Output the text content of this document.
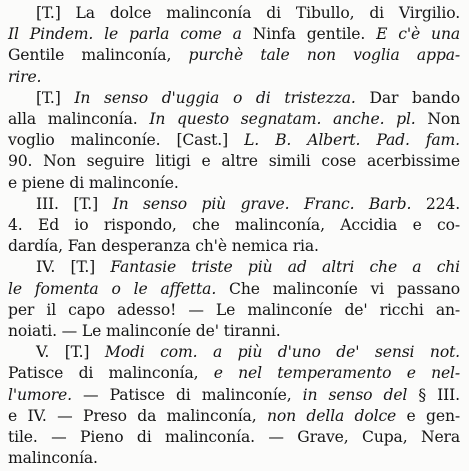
[T.] La dolce malinconía di Tibullo, di Virgilio.
Il Pindem. le parla come a Ninfa gentile. E c'è una
Gentile malinconía, purchè tale non voglia appa-
rire.
[T.] In senso d'uggia o di tristezza. Dar bando
alla malinconía. In questo segnatam. anche. pl. Non
voglio malinconíe. [Cast.] L. B. Albert. Pad. fam.
90. Non seguire litigi e altre simili cose acerbissime
e piene di malinconíe.
III. [T.] In senso più grave. Franc. Barb. 224.
4. Ed io rispondo, che malinconía, Accidia e co-
dardía, Fan desperanza ch'è nemica ria.
IV. [T.] Fantasie triste più ad altri che a chi
le fomenta o le affetta. Che malinconíe vi passano
per il capo adesso! — Le malinconíe de' ricchi an-
noiati. — Le malinconíe de' tiranni.
V. [T.] Modi com. a più d'uno de' sensi not.
Patisce di malinconía, e nel temperamento e nel-
l'umore. — Patisce di malinconíe, in senso del § III.
e IV. — Preso da malinconía, non della dolce e gen-
tile. — Pieno di malinconía. — Grave, Cupa, Nera
malinconía.
